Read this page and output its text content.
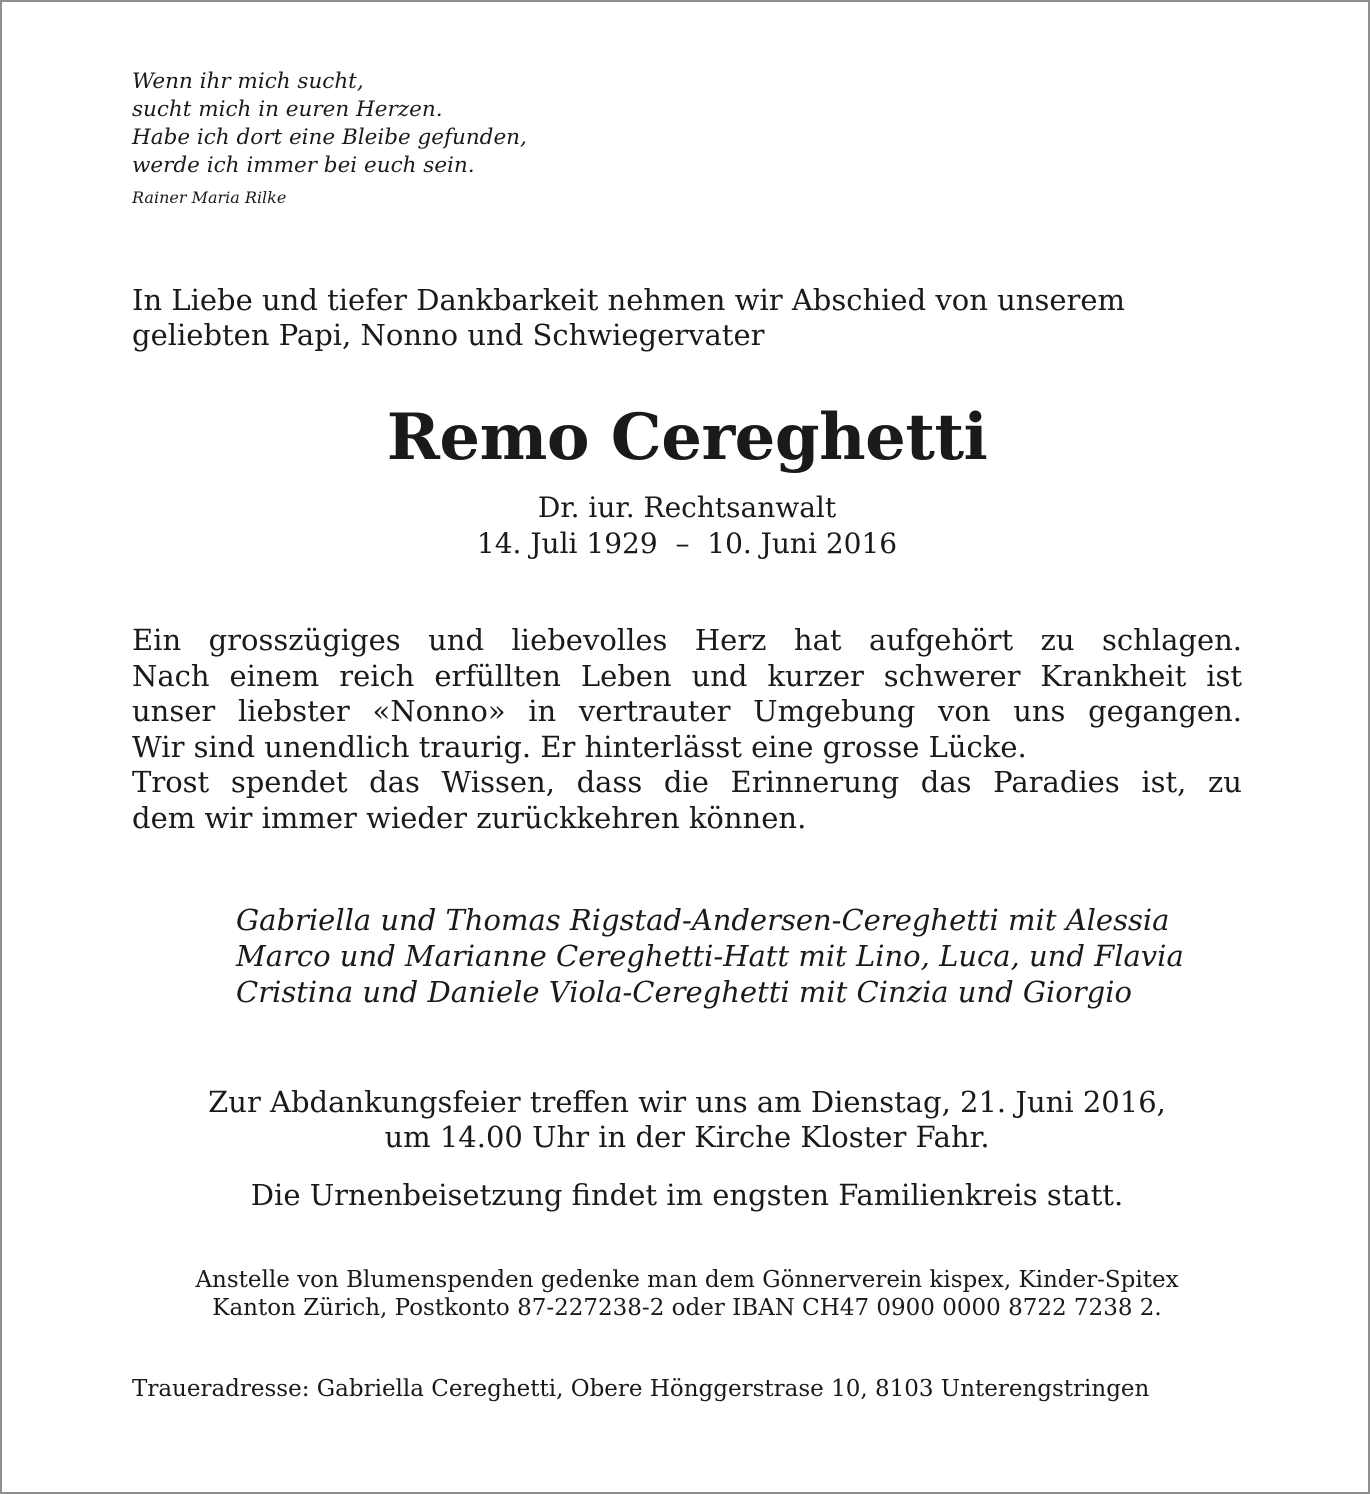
Wenn ihr mich sucht,
sucht mich in euren Herzen.
Habe ich dort eine Bleibe gefunden,
werde ich immer bei euch sein.
Rainer Maria Rilke
In Liebe und tiefer Dankbarkeit nehmen wir Abschied von unserem
geliebten Papi, Nonno und Schwiegervater
Remo Cereghetti
Dr. iur. Rechtsanwalt
14. Juli 1929  –  10. Juni 2016
Ein grosszügiges und liebevolles Herz hat aufgehört zu schlagen.
Nach einem reich erfüllten Leben und kurzer schwerer Krankheit ist
unser liebster «Nonno» in vertrauter Umgebung von uns gegangen.
Wir sind unendlich traurig. Er hinterlässt eine grosse Lücke.
Trost spendet das Wissen, dass die Erinnerung das Paradies ist, zu
dem wir immer wieder zurückkehren können.
Gabriella und Thomas Rigstad-Andersen-Cereghetti mit Alessia
Marco und Marianne Cereghetti-Hatt mit Lino, Luca, und Flavia
Cristina und Daniele Viola-Cereghetti mit Cinzia und Giorgio
Zur Abdankungsfeier treffen wir uns am Dienstag, 21. Juni 2016,
um 14.00 Uhr in der Kirche Kloster Fahr.
Die Urnenbeisetzung findet im engsten Familienkreis statt.
Anstelle von Blumenspenden gedenke man dem Gönnerverein kispex, Kinder-Spitex
Kanton Zürich, Postkonto 87-227238-2 oder IBAN CH47 0900 0000 8722 7238 2.
Traueradresse: Gabriella Cereghetti, Obere Hönggerstrase 10, 8103 Unterengstringen
